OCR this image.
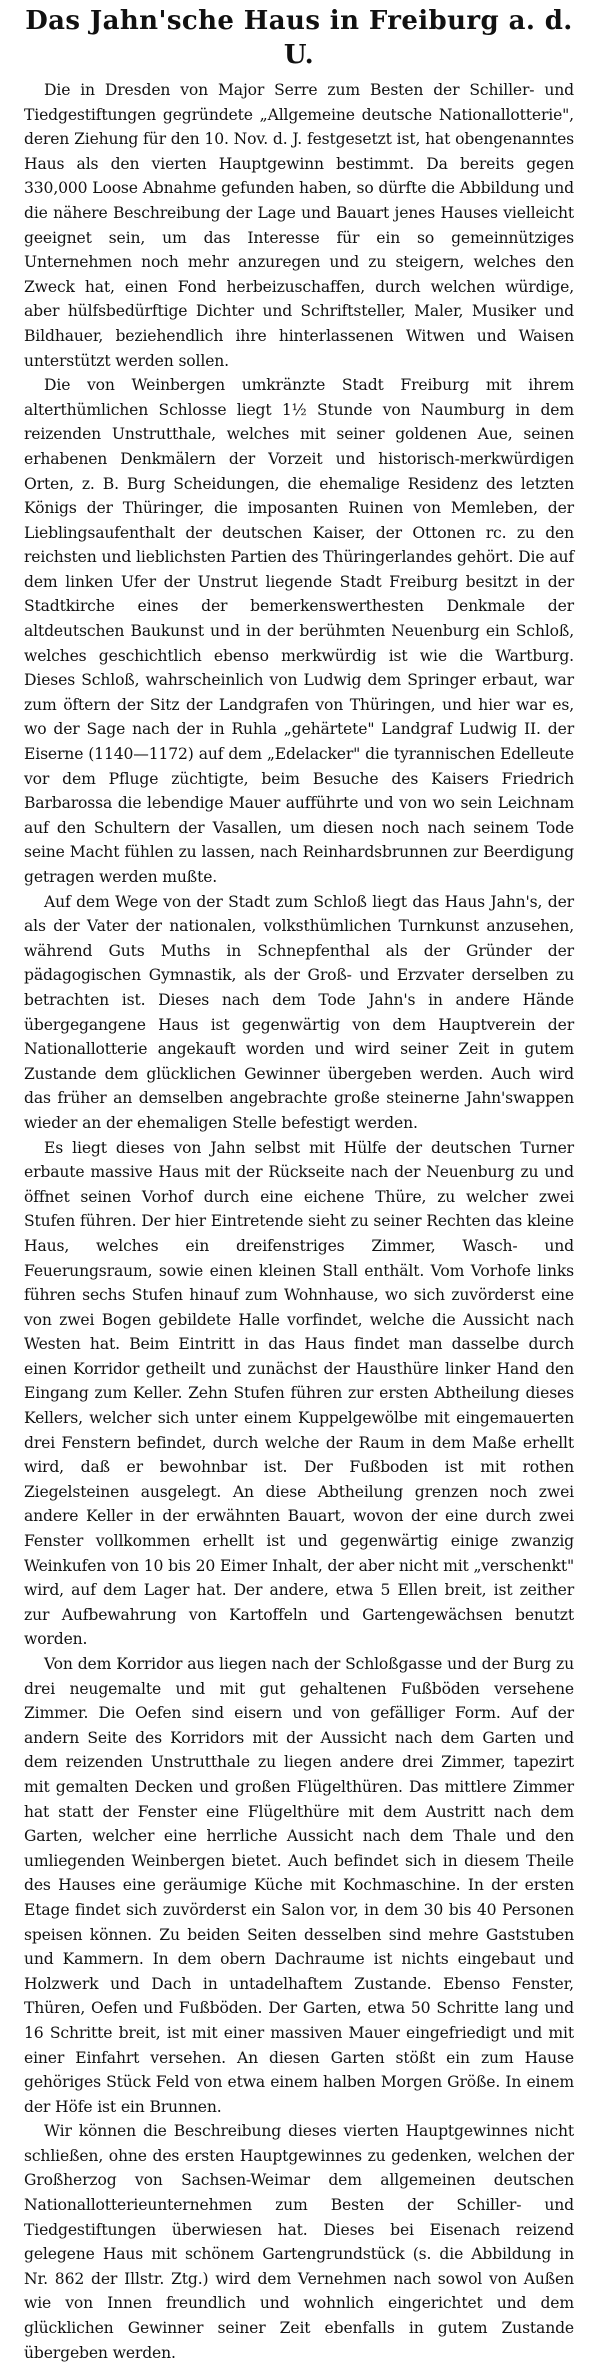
Das Jahn'sche Haus in Freiburg a. d. U.

Die in Dresden von Major Serre zum Besten der Schiller- und Tiedgestiftungen gegründete „Allgemeine deutsche Nationallotterie", deren Ziehung für den 10. Nov. d. J. festgesetzt ist, hat obengenanntes Haus als den vierten Hauptgewinn bestimmt. Da bereits gegen 330,000 Loose Abnahme gefunden haben, so dürfte die Abbildung und die nähere Beschreibung der Lage und Bauart jenes Hauses vielleicht geeignet sein, um das Interesse für ein so gemeinnütziges Unternehmen noch mehr anzuregen und zu steigern, welches den Zweck hat, einen Fond herbeizuschaffen, durch welchen würdige, aber hülfsbedürftige Dichter und Schriftsteller, Maler, Musiker und Bildhauer, beziehendlich ihre hinterlassenen Witwen und Waisen unterstützt werden sollen.

Die von Weinbergen umkränzte Stadt Freiburg mit ihrem alterthümlichen Schlosse liegt 1½ Stunde von Naumburg in dem reizenden Unstrutthale, welches mit seiner goldenen Aue, seinen erhabenen Denkmälern der Vorzeit und historisch-merkwürdigen Orten, z. B. Burg Scheidungen, die ehemalige Residenz des letzten Königs der Thüringer, die imposanten Ruinen von Memleben, der Lieblingsaufenthalt der deutschen Kaiser, der Ottonen rc. zu den reichsten und lieblichsten Partien des Thüringerlandes gehört. Die auf dem linken Ufer der Unstrut liegende Stadt Freiburg besitzt in der Stadtkirche eines der bemerkenswerthesten Denkmale der altdeutschen Baukunst und in der berühmten Neuenburg ein Schloß, welches geschichtlich ebenso merkwürdig ist wie die Wartburg. Dieses Schloß, wahrscheinlich von Ludwig dem Springer erbaut, war zum öftern der Sitz der Landgrafen von Thüringen, und hier war es, wo der Sage nach der in Ruhla „gehärtete" Landgraf Ludwig II. der Eiserne (1140—1172) auf dem „Edelacker" die tyrannischen Edelleute vor dem Pfluge züchtigte, beim Besuche des Kaisers Friedrich Barbarossa die lebendige Mauer aufführte und von wo sein Leichnam auf den Schultern der Vasallen, um diesen noch nach seinem Tode seine Macht fühlen zu lassen, nach Reinhardsbrunnen zur Beerdigung getragen werden mußte.

Auf dem Wege von der Stadt zum Schloß liegt das Haus Jahn's, der als der Vater der nationalen, volksthümlichen Turnkunst anzusehen, während Guts Muths in Schnepfenthal als der Gründer der pädagogischen Gymnastik, als der Groß- und Erzvater derselben zu betrachten ist. Dieses nach dem Tode Jahn's in andere Hände übergegangene Haus ist gegenwärtig von dem Hauptverein der Nationallotterie angekauft worden und wird seiner Zeit in gutem Zustande dem glücklichen Gewinner übergeben werden. Auch wird das früher an demselben angebrachte große steinerne Jahn'swappen wieder an der ehemaligen Stelle befestigt werden.

Es liegt dieses von Jahn selbst mit Hülfe der deutschen Turner erbaute massive Haus mit der Rückseite nach der Neuenburg zu und öffnet seinen Vorhof durch eine eichene Thüre, zu welcher zwei Stufen führen. Der hier Eintretende sieht zu seiner Rechten das kleine Haus, welches ein dreifenstriges Zimmer, Wasch- und Feuerungsraum, sowie einen kleinen Stall enthält. Vom Vorhofe links führen sechs Stufen hinauf zum Wohnhause, wo sich zuvörderst eine von zwei Bogen gebildete Halle vorfindet, welche die Aussicht nach Westen hat. Beim Eintritt in das Haus findet man dasselbe durch einen Korridor getheilt und zunächst der Hausthüre linker Hand den Eingang zum Keller. Zehn Stufen führen zur ersten Abtheilung dieses Kellers, welcher sich unter einem Kuppelgewölbe mit eingemauerten drei Fenstern befindet, durch welche der Raum in dem Maße erhellt wird, daß er bewohnbar ist. Der Fußboden ist mit rothen Ziegelsteinen ausgelegt. An diese Abtheilung grenzen noch zwei andere Keller in der erwähnten Bauart, wovon der eine durch zwei Fenster vollkommen erhellt ist und gegenwärtig einige zwanzig Weinkufen von 10 bis 20 Eimer Inhalt, der aber nicht mit „verschenkt" wird, auf dem Lager hat. Der andere, etwa 5 Ellen breit, ist zeither zur Aufbewahrung von Kartoffeln und Gartengewächsen benutzt worden.

Von dem Korridor aus liegen nach der Schloßgasse und der Burg zu drei neugemalte und mit gut gehaltenen Fußböden versehene Zimmer. Die Oefen sind eisern und von gefälliger Form. Auf der andern Seite des Korridors mit der Aussicht nach dem Garten und dem reizenden Unstrutthale zu liegen andere drei Zimmer, tapezirt mit gemalten Decken und großen Flügelthüren. Das mittlere Zimmer hat statt der Fenster eine Flügelthüre mit dem Austritt nach dem Garten, welcher eine herrliche Aussicht nach dem Thale und den umliegenden Weinbergen bietet. Auch befindet sich in diesem Theile des Hauses eine geräumige Küche mit Kochmaschine. In der ersten Etage findet sich zuvörderst ein Salon vor, in dem 30 bis 40 Personen speisen können. Zu beiden Seiten desselben sind mehre Gaststuben und Kammern. In dem obern Dachraume ist nichts eingebaut und Holzwerk und Dach in untadelhaftem Zustande. Ebenso Fenster, Thüren, Oefen und Fußböden. Der Garten, etwa 50 Schritte lang und 16 Schritte breit, ist mit einer massiven Mauer eingefriedigt und mit einer Einfahrt versehen. An diesen Garten stößt ein zum Hause gehöriges Stück Feld von etwa einem halben Morgen Größe. In einem der Höfe ist ein Brunnen.

Wir können die Beschreibung dieses vierten Hauptgewinnes nicht schließen, ohne des ersten Hauptgewinnes zu gedenken, welchen der Großherzog von Sachsen-Weimar dem allgemeinen deutschen Nationallotterieunternehmen zum Besten der Schiller- und Tiedgestiftungen überwiesen hat. Dieses bei Eisenach reizend gelegene Haus mit schönem Gartengrundstück (s. die Abbildung in Nr. 862 der Illstr. Ztg.) wird dem Vernehmen nach sowol von Außen wie von Innen freundlich und wohnlich eingerichtet und dem glücklichen Gewinner seiner Zeit ebenfalls in gutem Zustande übergeben werden.
